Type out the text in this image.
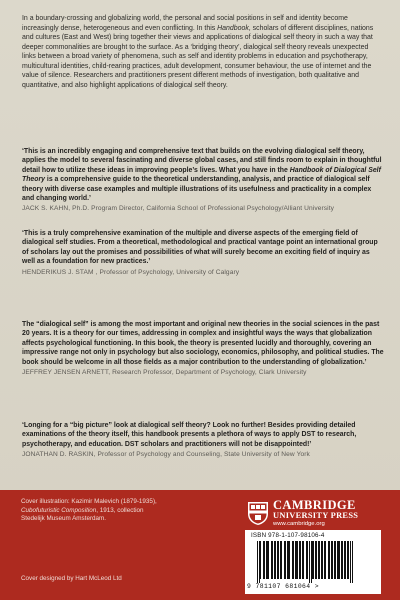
In a boundary-crossing and globalizing world, the personal and social positions in self and identity become increasingly dense, heterogeneous and even conflicting. In this Handbook, scholars of different disciplines, nations and cultures (East and West) bring together their views and applications of dialogical self theory in such a way that deeper commonalities are brought to the surface. As a ‘bridging theory’, dialogical self theory reveals unexpected links between a broad variety of phenomena, such as self and identity problems in education and psychotherapy, multicultural identities, child-rearing practices, adult development, consumer behaviour, the use of internet and the value of silence. Researchers and practitioners present different methods of investigation, both qualitative and quantitative, and also highlight applications of dialogical self theory.

‘This is an incredibly engaging and comprehensive text that builds on the evolving dialogical self theory, applies the model to several fascinating and diverse global cases, and still finds room to explain in thoughtful detail how to utilize these ideas in improving people’s lives. What you have in the Handbook of Dialogical Self Theory is a comprehensive guide to the theoretical understanding, analysis, and practice of dialogical self theory with diverse case examples and multiple illustrations of its usefulness and practicality in a complex and changing world.’
JACK S. KAHN, Ph.D. Program Director, California School of Professional Psychology/Alliant University
‘This is a truly comprehensive examination of the multiple and diverse aspects of the emerging field of dialogical self studies. From a theoretical, methodological and practical vantage point an international group of scholars lay out the promises and possibilities of what will surely become an exciting field of inquiry as well as a foundation for new practices.’
HENDERIKUS J. STAM , Professor of Psychology, University of Calgary
The “dialogical self” is among the most important and original new theories in the social sciences in the past 20 years. It is a theory for our times, addressing in complex and insightful ways the ways that globalization affects psychological functioning. In this book, the theory is presented lucidly and thoroughly, covering an impressive range not only in psychology but also sociology, economics, philosophy, and political studies. The book should be welcome in all those fields as a major contribution to the understanding of globalization.’
JEFFREY JENSEN ARNETT, Research Professor, Department of Psychology, Clark University
‘Longing for a “big picture” look at dialogical self theory? Look no further! Besides providing detailed examinations of the theory itself, this handbook presents a plethora of ways to apply DST to research, psychotherapy, and education. DST scholars and practitioners will not be disappointed!’
JONATHAN D. RASKIN, Professor of Psychology and Counseling, State University of New York
Cover illustration: Kazimir Malevich (1879-1935),
Cubofuturistic Composition, 1913, collection
Stedelijk Museum Amsterdam.
Cover designed by Hart McLeod Ltd
CAMBRIDGE
UNIVERSITY PRESS
www.cambridge.org
ISBN 978-1-107-98106-4
9 781107 681064 >
